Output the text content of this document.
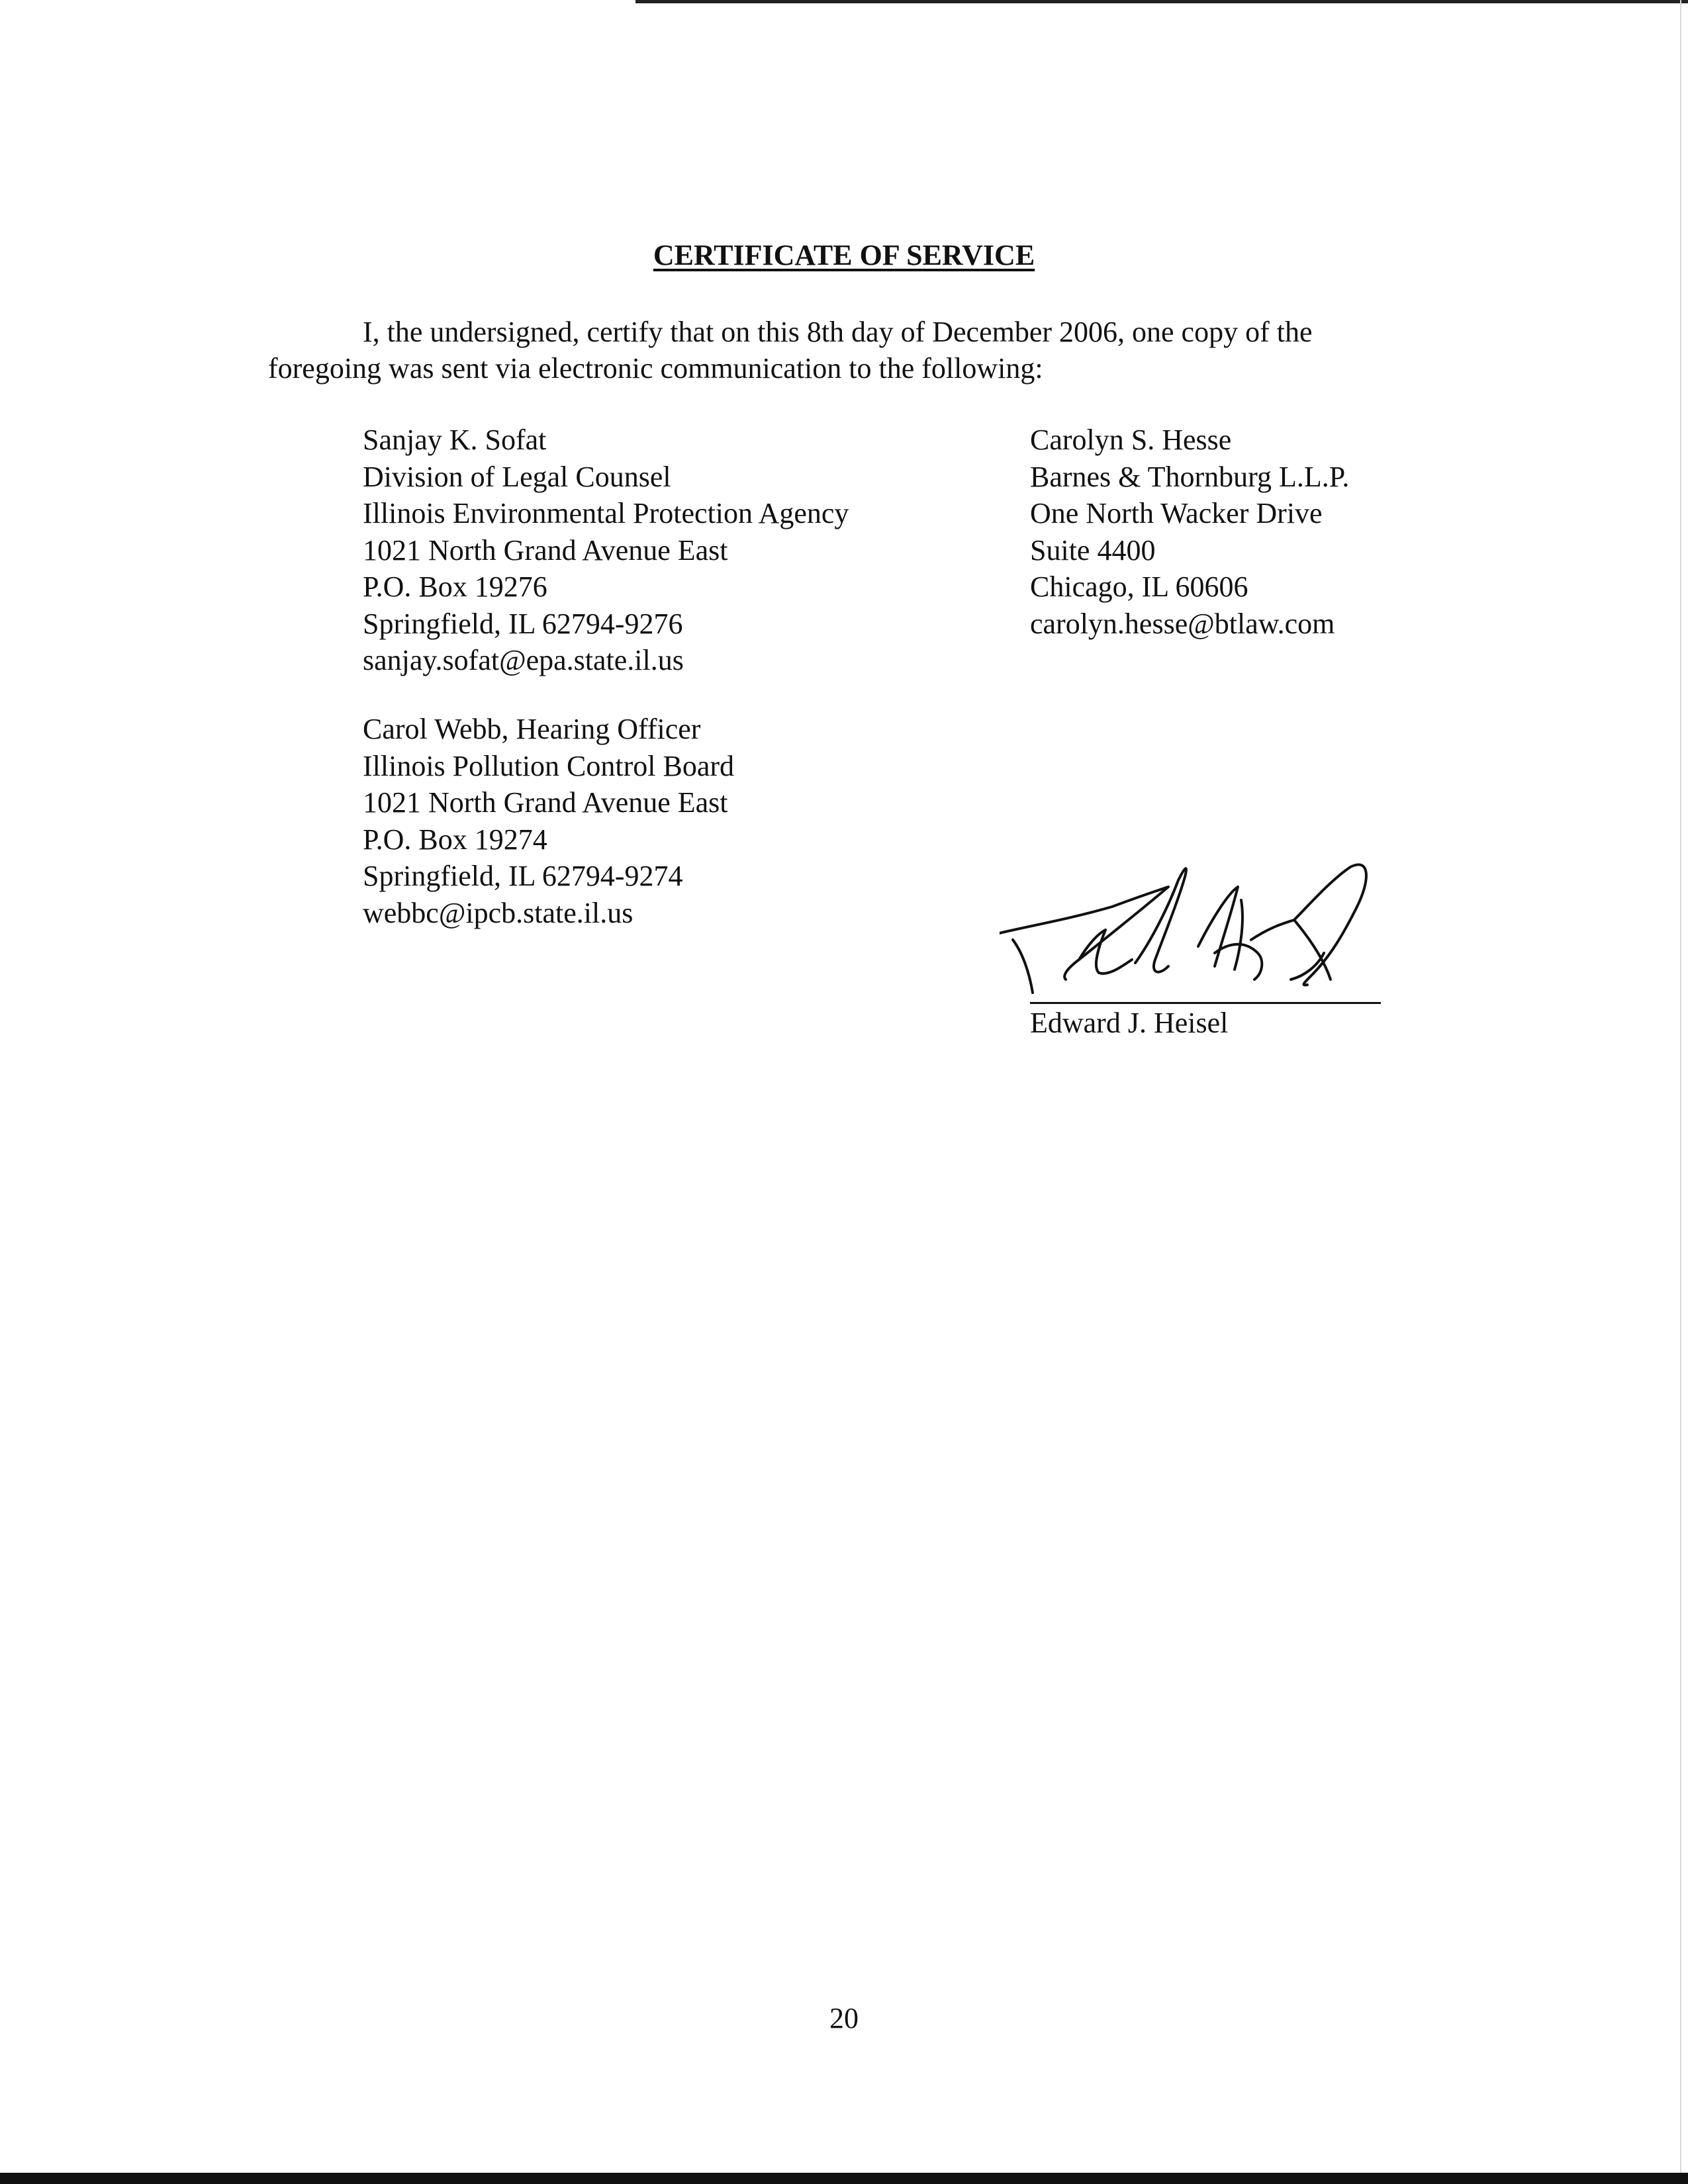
CERTIFICATE OF SERVICE
I, the undersigned, certify that on this 8th day of December 2006, one copy of the
foregoing was sent via electronic communication to the following:
Sanjay K. Sofat
Division of Legal Counsel
Illinois Environmental Protection Agency
1021 North Grand Avenue East
P.O. Box 19276
Springfield, IL 62794-9276
sanjay.sofat@epa.state.il.us
Carolyn S. Hesse
Barnes & Thornburg L.L.P.
One North Wacker Drive
Suite 4400
Chicago, IL 60606
carolyn.hesse@btlaw.com
Carol Webb, Hearing Officer
Illinois Pollution Control Board
1021 North Grand Avenue East
P.O. Box 19274
Springfield, IL 62794-9274
webbc@ipcb.state.il.us
Edward J. Heisel
20
